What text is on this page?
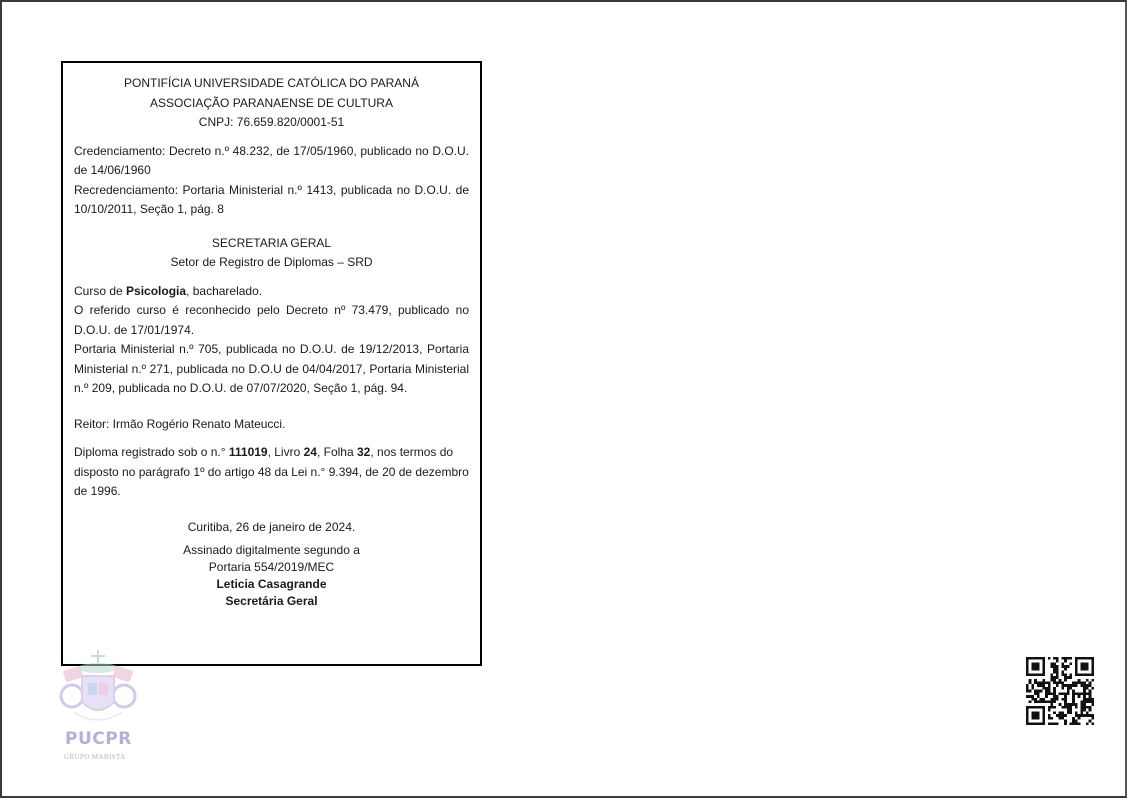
PONTIFÍCIA UNIVERSIDADE CATÓLICA DO PARANÁ

ASSOCIAÇÃO PARANAENSE DE CULTURA

CNPJ: 76.659.820/0001-51

Credenciamento: Decreto n.º 48.232, de 17/05/1960, publicado no D.O.U. de 14/06/1960

Recredenciamento: Portaria Ministerial n.º 1413, publicada no D.O.U. de 10/10/2011, Seção 1, pág. 8

SECRETARIA GERAL

Setor de Registro de Diplomas – SRD

Curso de Psicologia, bacharelado.

O referido curso é reconhecido pelo Decreto nº 73.479, publicado no D.O.U. de 17/01/1974.

Portaria Ministerial n.º 705, publicada no D.O.U. de 19/12/2013, Portaria Ministerial n.º 271, publicada no D.O.U de 04/04/2017, Portaria Ministerial n.º 209, publicada no D.O.U. de 07/07/2020, Seção 1, pág. 94.

Reitor: Irmão Rogério Renato Mateucci.

Diploma registrado sob o n.° 111019, Livro 24, Folha 32, nos termos do disposto no parágrafo 1º do artigo 48 da Lei n.° 9.394, de 20 de dezembro de 1996.

Curitiba, 26 de janeiro de 2024.

Assinado digitalmente segundo a

Portaria 554/2019/MEC

Leticia Casagrande

Secretária Geral

PUCPR
GRUPO MARISTA
